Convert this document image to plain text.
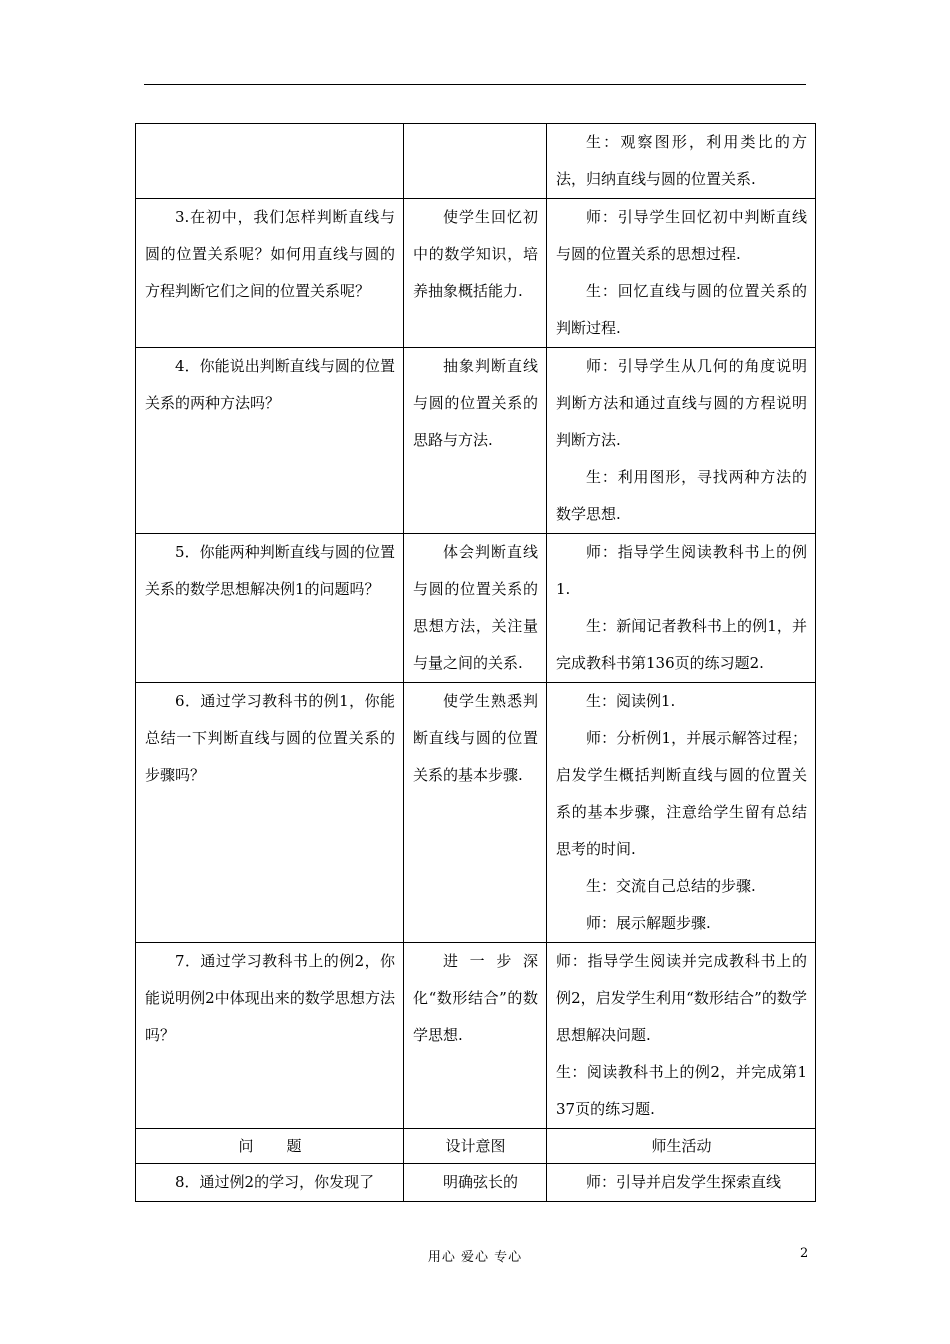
		生：观察图形，利用类比的方法，归纳直线与圆的位置关系.

3.在初中，我们怎样判断直线与圆的位置关系呢？如何用直线与圆的方程判断它们之间的位置关系呢？	使学生回忆初中的数学知识，培养抽象概括能力.	师：引导学生回忆初中判断直线与圆的位置关系的思想过程.

生：回忆直线与圆的位置关系的判断过程.

4．你能说出判断直线与圆的位置关系的两种方法吗？	抽象判断直线与圆的位置关系的思路与方法.	师：引导学生从几何的角度说明判断方法和通过直线与圆的方程说明判断方法.

生：利用图形，寻找两种方法的数学思想.

5．你能两种判断直线与圆的位置关系的数学思想解决例1的问题吗？	体会判断直线与圆的位置关系的思想方法，关注量与量之间的关系.	师：指导学生阅读教科书上的例1.

生：新闻记者教科书上的例1，并完成教科书第136页的练习题2.

6．通过学习教科书的例1，你能总结一下判断直线与圆的位置关系的步骤吗？	使学生熟悉判断直线与圆的位置关系的基本步骤.	生：阅读例1.

师：分析例1，并展示解答过程；启发学生概括判断直线与圆的位置关系的基本步骤，注意给学生留有总结思考的时间.

生：交流自己总结的步骤.

师：展示解题步骤.

7．通过学习教科书上的例2，你能说明例2中体现出来的数学思想方法吗？	进一步深化“数形结合”的数学思想.	师：指导学生阅读并完成教科书上的例2，启发学生利用“数形结合”的数学思想解决问题.

生：阅读教科书上的例2，并完成第137页的练习题.

问题	设计意图	师生活动

8．通过例2的学习，你发现了	明确弦长的	师：引导并启发学生探索直线

用心 爱心 专心	2
